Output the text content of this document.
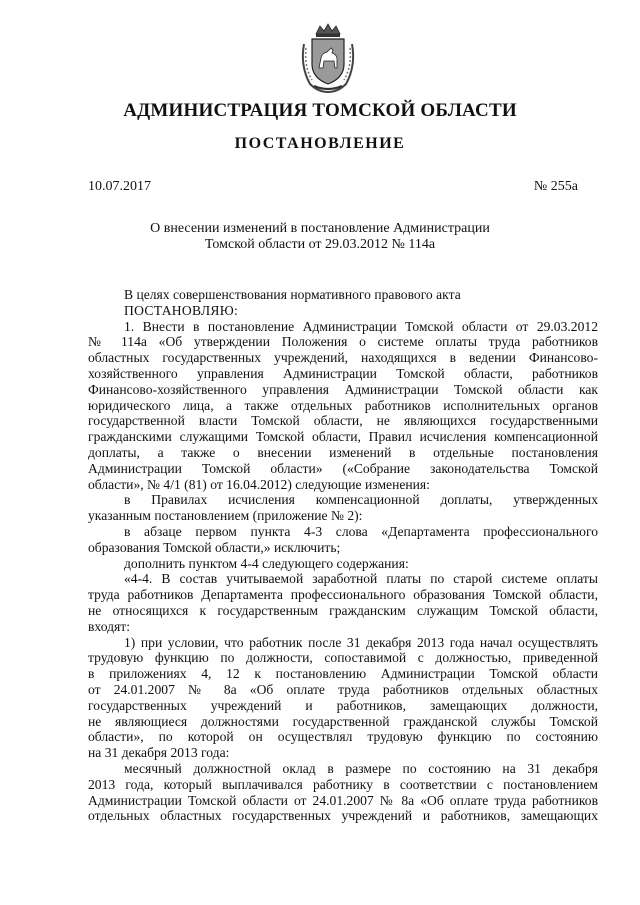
АДМИНИСТРАЦИЯ ТОМСКОЙ ОБЛАСТИ
ПОСТАНОВЛЕНИЕ
10.07.2017	№ 255а
О внесении изменений в постановление Администрации
Томской области от 29.03.2012 № 114а
В целях совершенствования нормативного правового акта
ПОСТАНОВЛЯЮ:
1. Внести в постановление Администрации Томской области от 29.03.2012
№ 114а «Об утверждении Положения о системе оплаты труда работников
областных государственных учреждений, находящихся в ведении Финансово-
хозяйственного управления Администрации Томской области, работников
Финансово-хозяйственного управления Администрации Томской области как
юридического лица, а также отдельных работников исполнительных органов
государственной власти Томской области, не являющихся государственными
гражданскими служащими Томской области, Правил исчисления компенсационной
доплаты, а также о внесении изменений в отдельные постановления
Администрации Томской области» («Собрание законодательства Томской
области», № 4/1 (81) от 16.04.2012) следующие изменения:
в Правилах исчисления компенсационной доплаты, утвержденных
указанным постановлением (приложение № 2):
в абзаце первом пункта 4-3 слова «Департамента профессионального
образования Томской области,» исключить;
дополнить пунктом 4-4 следующего содержания:
«4-4. В состав учитываемой заработной платы по старой системе оплаты
труда работников Департамента профессионального образования Томской области,
не относящихся к государственным гражданским служащим Томской области,
входят:
1) при условии, что работник после 31 декабря 2013 года начал осуществлять
трудовую функцию по должности, сопоставимой с должностью, приведенной
в приложениях 4, 12 к постановлению Администрации Томской области
от 24.01.2007 № 8а «Об оплате труда работников отдельных областных
государственных учреждений и работников, замещающих должности,
не являющиеся должностями государственной гражданской службы Томской
области», по которой он осуществлял трудовую функцию по состоянию
на 31 декабря 2013 года:
месячный должностной оклад в размере по состоянию на 31 декабря
2013 года, который выплачивался работнику в соответствии с постановлением
Администрации Томской области от 24.01.2007 № 8а «Об оплате труда работников
отдельных областных государственных учреждений и работников, замещающих
